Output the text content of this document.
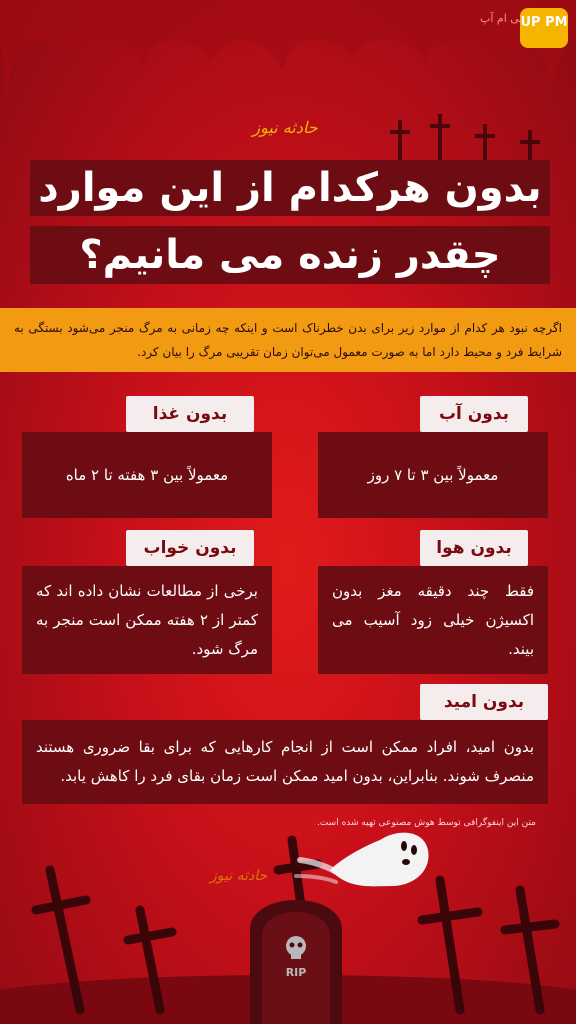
UP PM
بی ام آپ
حادثه نیوز
بدون هرکدام از این موارد
چقدر زنده می مانیم؟

اگرچه نبود هر کدام از موارد زیر برای بدن خطرناک است و اینکه چه زمانی به مرگ منجر می‌شود بستگی به شرایط فرد و محیط دارد اما به صورت معمول می‌توان زمان تقریبی مرگ را بیان کرد.

معمولاً بین ۳ تا ۷ روز
بدون آب
معمولاً بین ۳ هفته تا ۲ ماه
بدون غذا
فقط چند دقیقه مغز بدون اکسیژن خیلی زود آسیب می بیند.
بدون هوا
برخی از مطالعات نشان داده اند که کمتر از ۲ هفته ممکن است منجر به مرگ شود.
بدون خواب
بدون امید، افراد ممکن است از انجام کارهایی که برای بقا ضروری هستند منصرف شوند. بنابراین، بدون امید ممکن است زمان بقای فرد را کاهش یابد.
بدون امید
متن این اینفوگرافی توسط هوش مصنوعی تهیه شده است.
حادثه نیوز
RIP
